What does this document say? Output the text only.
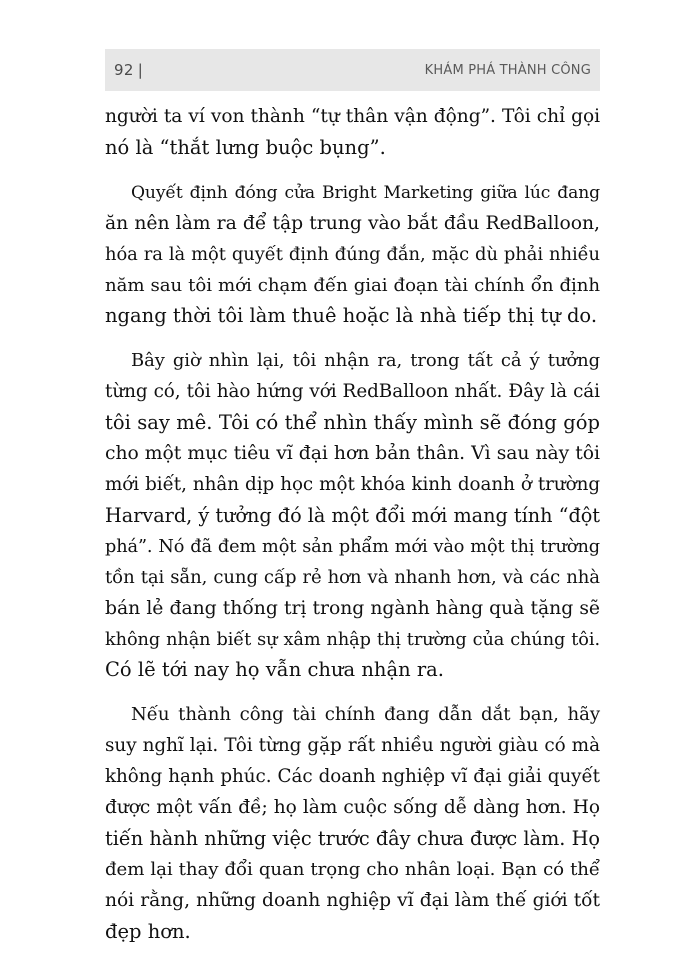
92 |	KHÁM PHÁ THÀNH CÔNG
người ta ví von thành “tự thân vận động”. Tôi chỉ gọi
nó là “thắt lưng buộc bụng”.
Quyết định đóng cửa Bright Marketing giữa lúc đang
ăn nên làm ra để tập trung vào bắt đầu RedBalloon,
hóa ra là một quyết định đúng đắn, mặc dù phải nhiều
năm sau tôi mới chạm đến giai đoạn tài chính ổn định
ngang thời tôi làm thuê hoặc là nhà tiếp thị tự do.
Bây giờ nhìn lại, tôi nhận ra, trong tất cả ý tưởng
từng có, tôi hào hứng với RedBalloon nhất. Đây là cái
tôi say mê. Tôi có thể nhìn thấy mình sẽ đóng góp
cho một mục tiêu vĩ đại hơn bản thân. Vì sau này tôi
mới biết, nhân dịp học một khóa kinh doanh ở trường
Harvard, ý tưởng đó là một đổi mới mang tính “đột
phá”. Nó đã đem một sản phẩm mới vào một thị trường
tồn tại sẵn, cung cấp rẻ hơn và nhanh hơn, và các nhà
bán lẻ đang thống trị trong ngành hàng quà tặng sẽ
không nhận biết sự xâm nhập thị trường của chúng tôi.
Có lẽ tới nay họ vẫn chưa nhận ra.
Nếu thành công tài chính đang dẫn dắt bạn, hãy
suy nghĩ lại. Tôi từng gặp rất nhiều người giàu có mà
không hạnh phúc. Các doanh nghiệp vĩ đại giải quyết
được một vấn đề; họ làm cuộc sống dễ dàng hơn. Họ
tiến hành những việc trước đây chưa được làm. Họ
đem lại thay đổi quan trọng cho nhân loại. Bạn có thể
nói rằng, những doanh nghiệp vĩ đại làm thế giới tốt
đẹp hơn.
